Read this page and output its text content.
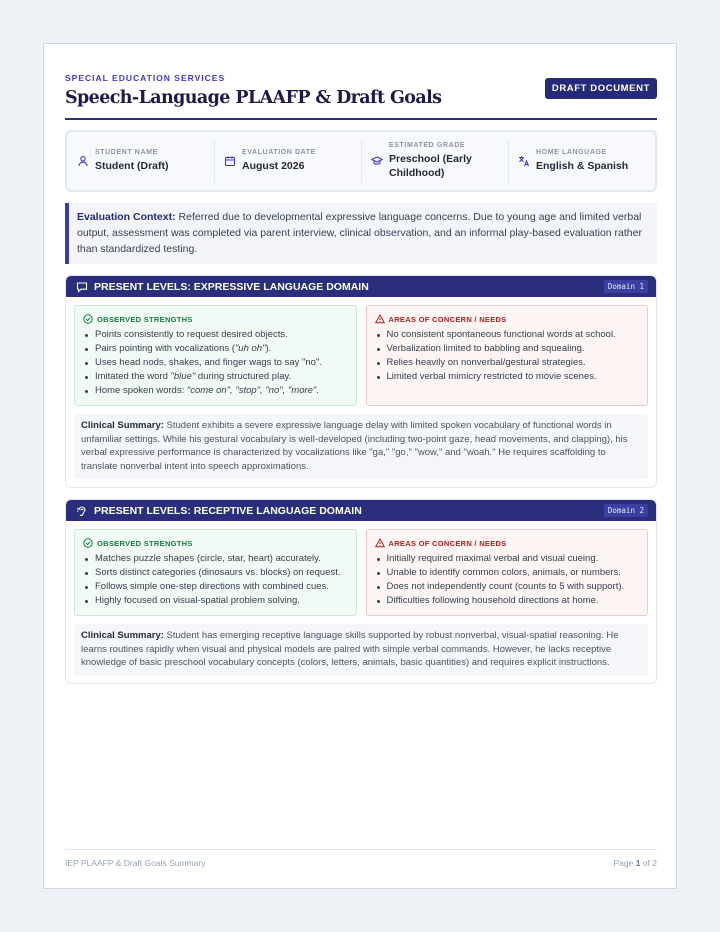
SPECIAL EDUCATION SERVICES
Speech-Language PLAAFP & Draft Goals	DRAFT DOCUMENT
STUDENT NAME
Student (Draft)
EVALUATION DATE
August 2026
ESTIMATED GRADE
Preschool (Early Childhood)
HOME LANGUAGE
English & Spanish
Evaluation Context: Referred due to developmental expressive language concerns. Due to young age and limited verbal output, assessment was completed via parent interview, clinical observation, and an informal play-based evaluation rather than standardized testing.
PRESENT LEVELS: EXPRESSIVE LANGUAGE DOMAIN	Domain 1
OBSERVED STRENGTHS
Points consistently to request desired objects.
Pairs pointing with vocalizations ("uh oh").
Uses head nods, shakes, and finger wags to say "no".
Imitated the word "blue" during structured play.
Home spoken words: "come on", "stop", "no", "more".
AREAS OF CONCERN / NEEDS
No consistent spontaneous functional words at school.
Verbalization limited to babbling and squealing.
Relies heavily on nonverbal/gestural strategies.
Limited verbal mimicry restricted to movie scenes.
Clinical Summary: Student exhibits a severe expressive language delay with limited spoken vocabulary of functional words in unfamiliar settings. While his gestural vocabulary is well-developed (including two-point gaze, head movements, and clapping), his verbal expressive performance is characterized by vocalizations like "ga," "go," "wow," and "woah." He requires scaffolding to translate nonverbal intent into speech approximations.
PRESENT LEVELS: RECEPTIVE LANGUAGE DOMAIN	Domain 2
OBSERVED STRENGTHS
Matches puzzle shapes (circle, star, heart) accurately.
Sorts distinct categories (dinosaurs vs. blocks) on request.
Follows simple one-step directions with combined cues.
Highly focused on visual-spatial problem solving.
AREAS OF CONCERN / NEEDS
Initially required maximal verbal and visual cueing.
Unable to identify common colors, animals, or numbers.
Does not independently count (counts to 5 with support).
Difficulties following household directions at home.
Clinical Summary: Student has emerging receptive language skills supported by robust nonverbal, visual-spatial reasoning. He learns routines rapidly when visual and physical models are paired with simple verbal commands. However, he lacks receptive knowledge of basic preschool vocabulary concepts (colors, letters, animals, basic quantities) and requires explicit instructions.
IEP PLAAFP & Draft Goals Summary	Page 1 of 2
